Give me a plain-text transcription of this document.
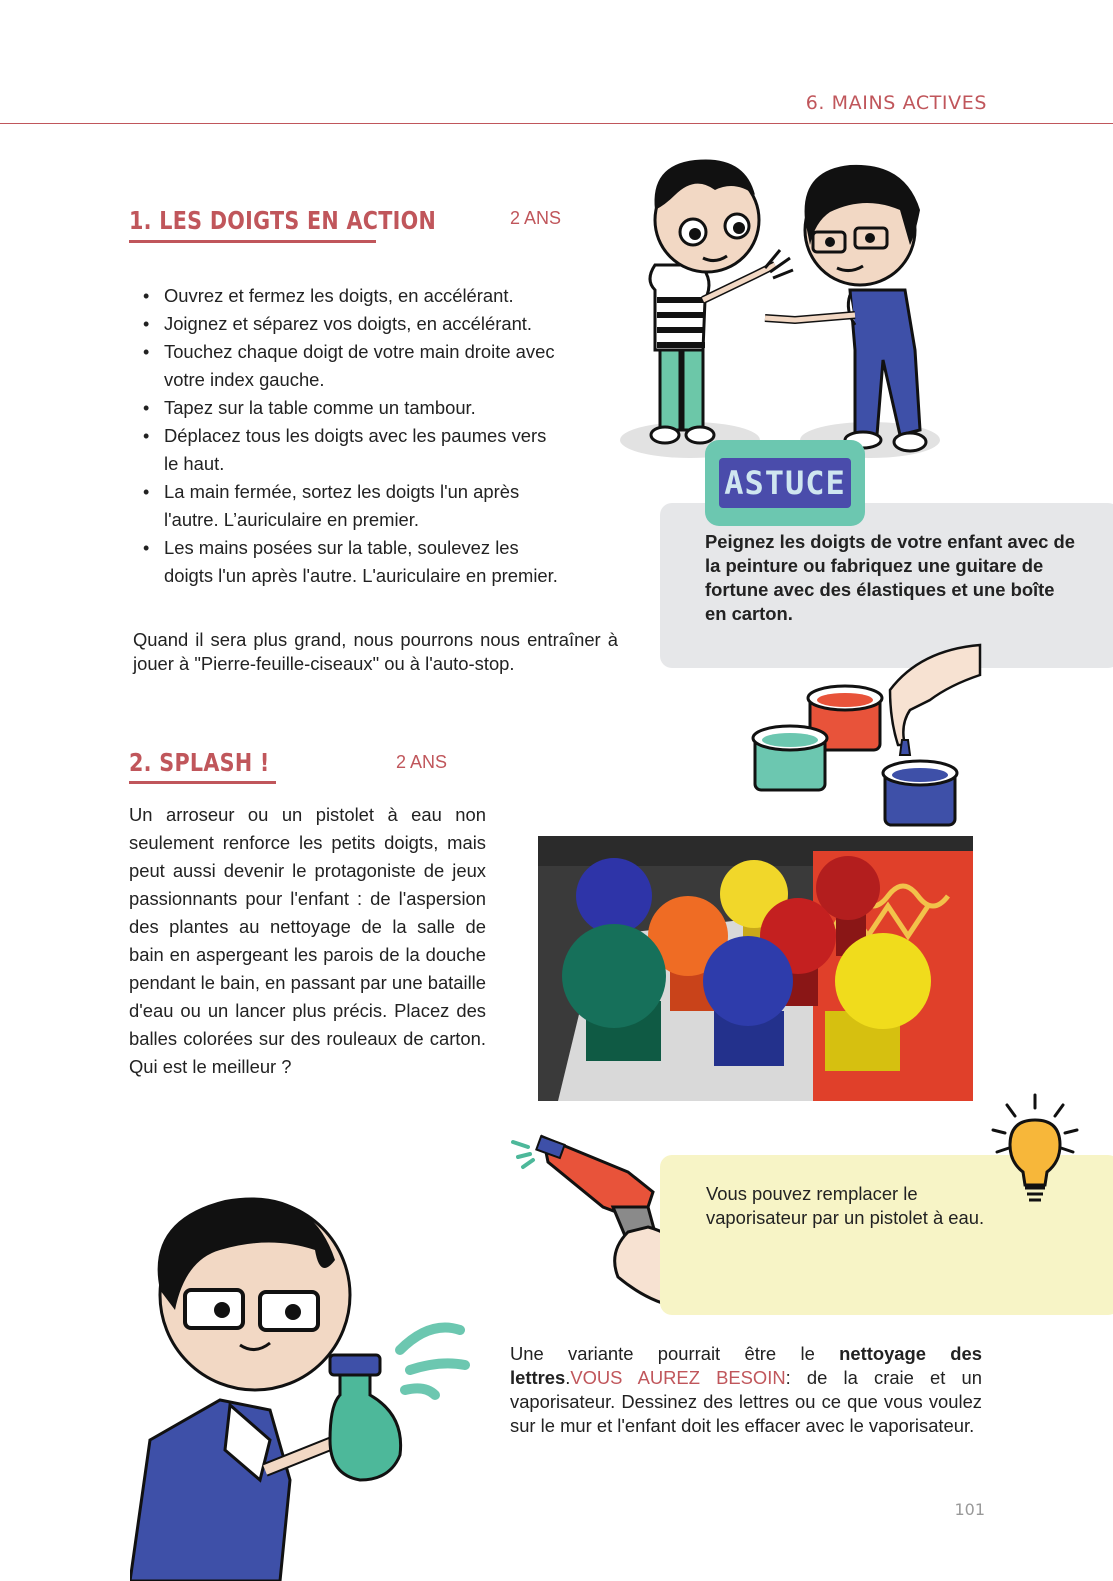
6. MAINS ACTIVES
1. LES DOIGTS EN ACTION	2 ANS
• Ouvrez et fermez les doigts, en accélérant.
• Joignez et séparez vos doigts, en accélérant.
• Touchez chaque doigt de votre main droite avec votre index gauche.
• Tapez sur la table comme un tambour.
• Déplacez tous les doigts avec les paumes vers le haut.
• La main fermée, sortez les doigts l'un après l'autre. L’auriculaire en premier.
• Les mains posées sur la table, soulevez les doigts l'un après l'autre. L'auriculaire en premier.
Quand il sera plus grand, nous pourrons nous entraîner à jouer à "Pierre-feuille-ciseaux" ou à l'auto-stop.
ASTUCE
Peignez les doigts de votre enfant avec de la peinture ou fabriquez une guitare de fortune avec des élastiques et une boîte en carton.
2. SPLASH !	2 ANS
Un arroseur ou un pistolet à eau non seulement renforce les petits doigts, mais peut aussi devenir le protagoniste de jeux passionnants pour l'enfant : de l'aspersion des plantes au nettoyage de la salle de bain en aspergeant les parois de la douche pendant le bain, en passant par une bataille d'eau ou un lancer plus précis. Placez des balles colorées sur des rouleaux de carton. Qui est le meilleur ?
Vous pouvez remplacer le vaporisateur par un pistolet à eau.
Une variante pourrait être le nettoyage des lettres.VOUS AUREZ BESOIN: de la craie et un vaporisateur. Dessinez des lettres ou ce que vous voulez sur le mur et l'enfant doit les effacer avec le vaporisateur.
101
